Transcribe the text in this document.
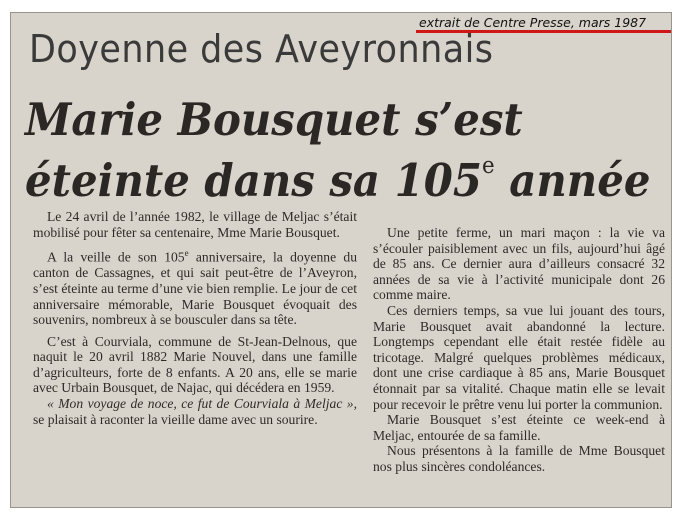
extrait de Centre Presse, mars 1987
Doyenne des Aveyronnais
Marie Bousquet s’est
éteinte dans sa 105e année

Le 24 avril de l’année 1982, le village de Meljac s’était mobilisé pour fêter sa centenaire, Mme Marie Bousquet.

A la veille de son 105e anniversaire, la doyenne du canton de Cassagnes, et qui sait peut-être de l’Aveyron, s’est éteinte au terme d’une vie bien remplie. Le jour de cet anniversaire mémorable, Marie Bousquet évoquait des souvenirs, nombreux à se bousculer dans sa tête.

C’est à Courviala, commune de St-Jean-Delnous, que naquit le 20 avril 1882 Marie Nouvel, dans une famille d’agriculteurs, forte de 8 enfants. A 20 ans, elle se marie avec Urbain Bousquet, de Najac, qui décédera en 1959.

« Mon voyage de noce, ce fut de Courviala à Meljac », se plaisait à raconter la vieille dame avec un sourire.

Une petite ferme, un mari maçon : la vie va s’écouler paisiblement avec un fils, aujourd’hui âgé de 85 ans. Ce dernier aura d’ailleurs consacré 32 années de sa vie à l’activité municipale dont 26 comme maire.

Ces derniers temps, sa vue lui jouant des tours, Marie Bousquet avait abandonné la lecture. Longtemps cependant elle était restée fidèle au tricotage. Malgré quelques problèmes médicaux, dont une crise cardiaque à 85 ans, Marie Bousquet étonnait par sa vitalité. Chaque matin elle se levait pour recevoir le prêtre venu lui porter la communion.

Marie Bousquet s’est éteinte ce week-end à Meljac, entourée de sa famille.

Nous présentons à la famille de Mme Bousquet nos plus sincères condoléances.
